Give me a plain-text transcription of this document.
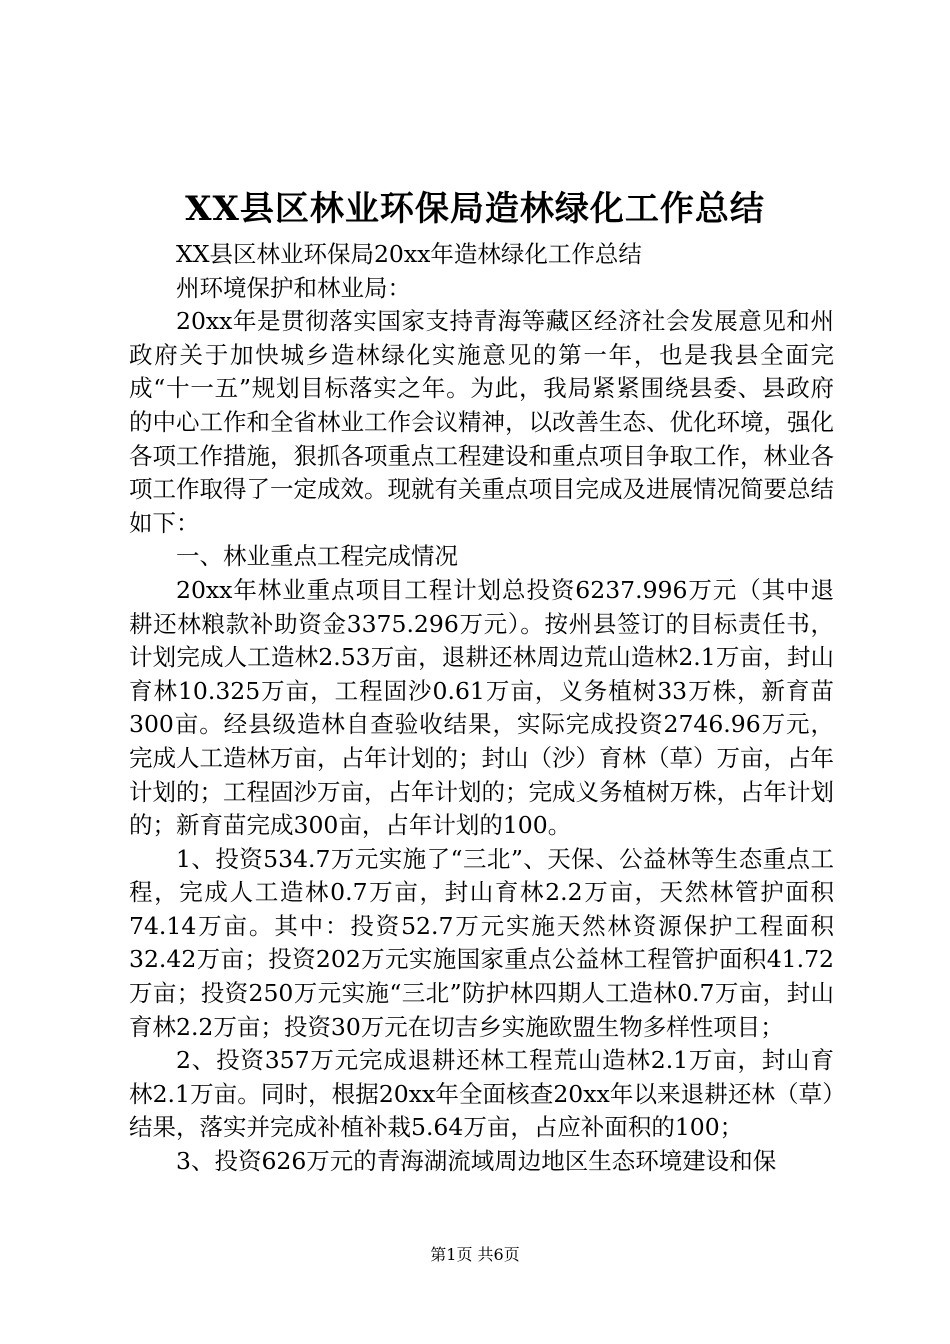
XX县区林业环保局造林绿化工作总结

XX县区林业环保局20xx年造林绿化工作总结

州环境保护和林业局：

20xx年是贯彻落实国家支持青海等藏区经济社会发展意见和州政府关于加快城乡造林绿化实施意见的第一年，也是我县全面完成“十一五”规划目标落实之年。为此，我局紧紧围绕县委、县政府的中心工作和全省林业工作会议精神，以改善生态、优化环境，强化各项工作措施，狠抓各项重点工程建设和重点项目争取工作，林业各项工作取得了一定成效。现就有关重点项目完成及进展情况简要总结如下：

一、林业重点工程完成情况

20xx年林业重点项目工程计划总投资6237.996万元（其中退耕还林粮款补助资金3375.296万元）。按州县签订的目标责任书，计划完成人工造林2.53万亩，退耕还林周边荒山造林2.1万亩，封山育林10.325万亩，工程固沙0.61万亩，义务植树33万株，新育苗300亩。经县级造林自查验收结果，实际完成投资2746.96万元，完成人工造林万亩，占年计划的；封山（沙）育林（草）万亩，占年计划的；工程固沙万亩，占年计划的；完成义务植树万株，占年计划的；新育苗完成300亩，占年计划的100。

1、投资534.7万元实施了“三北”、天保、公益林等生态重点工程，完成人工造林0.7万亩，封山育林2.2万亩，天然林管护面积74.14万亩。其中：投资52.7万元实施天然林资源保护工程面积32.42万亩；投资202万元实施国家重点公益林工程管护面积41.72万亩；投资250万元实施“三北”防护林四期人工造林0.7万亩，封山育林2.2万亩；投资30万元在切吉乡实施欧盟生物多样性项目；

2、投资357万元完成退耕还林工程荒山造林2.1万亩，封山育林2.1万亩。同时，根据20xx年全面核查20xx年以来退耕还林（草）结果，落实并完成补植补栽5.64万亩，占应补面积的100；

3、投资626万元的青海湖流域周边地区生态环境建设和保

第1页 共6页
